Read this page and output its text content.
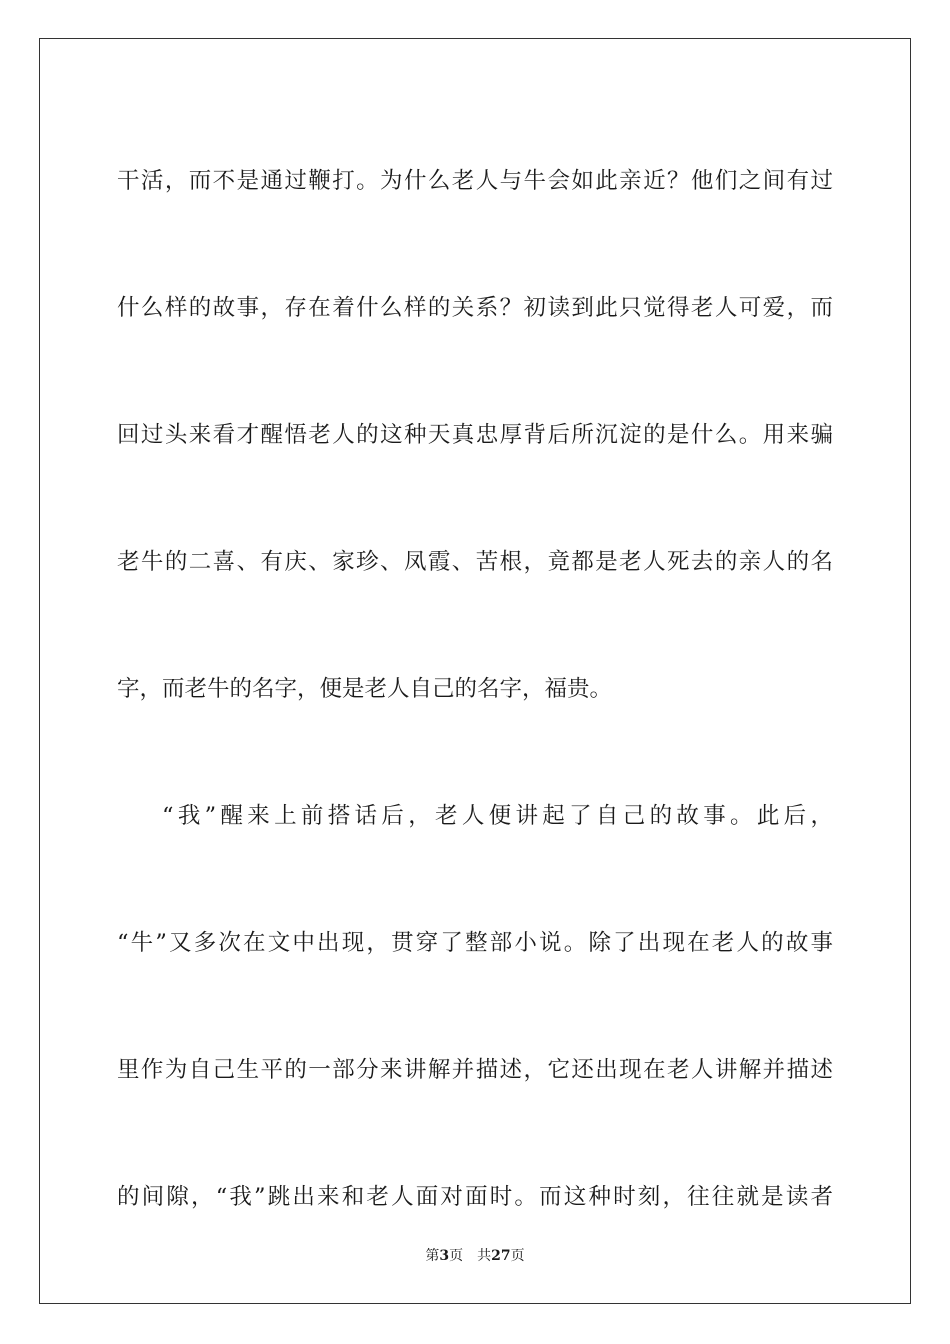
干活，而不是通过鞭打。为什么老人与牛会如此亲近？他们之间有过
什么样的故事，存在着什么样的关系？初读到此只觉得老人可爱，而
回过头来看才醒悟老人的这种天真忠厚背后所沉淀的是什么。用来骗
老牛的二喜、有庆、家珍、凤霞、苦根，竟都是老人死去的亲人的名
字，而老牛的名字，便是老人自己的名字，福贵。
“我”醒来上前搭话后，老人便讲起了自己的故事。此后，
“牛”又多次在文中出现，贯穿了整部小说。除了出现在老人的故事
里作为自己生平的一部分来讲解并描述，它还出现在老人讲解并描述
的间隙，“我”跳出来和老人面对面时。而这种时刻，往往就是读者
第3页 共27页
